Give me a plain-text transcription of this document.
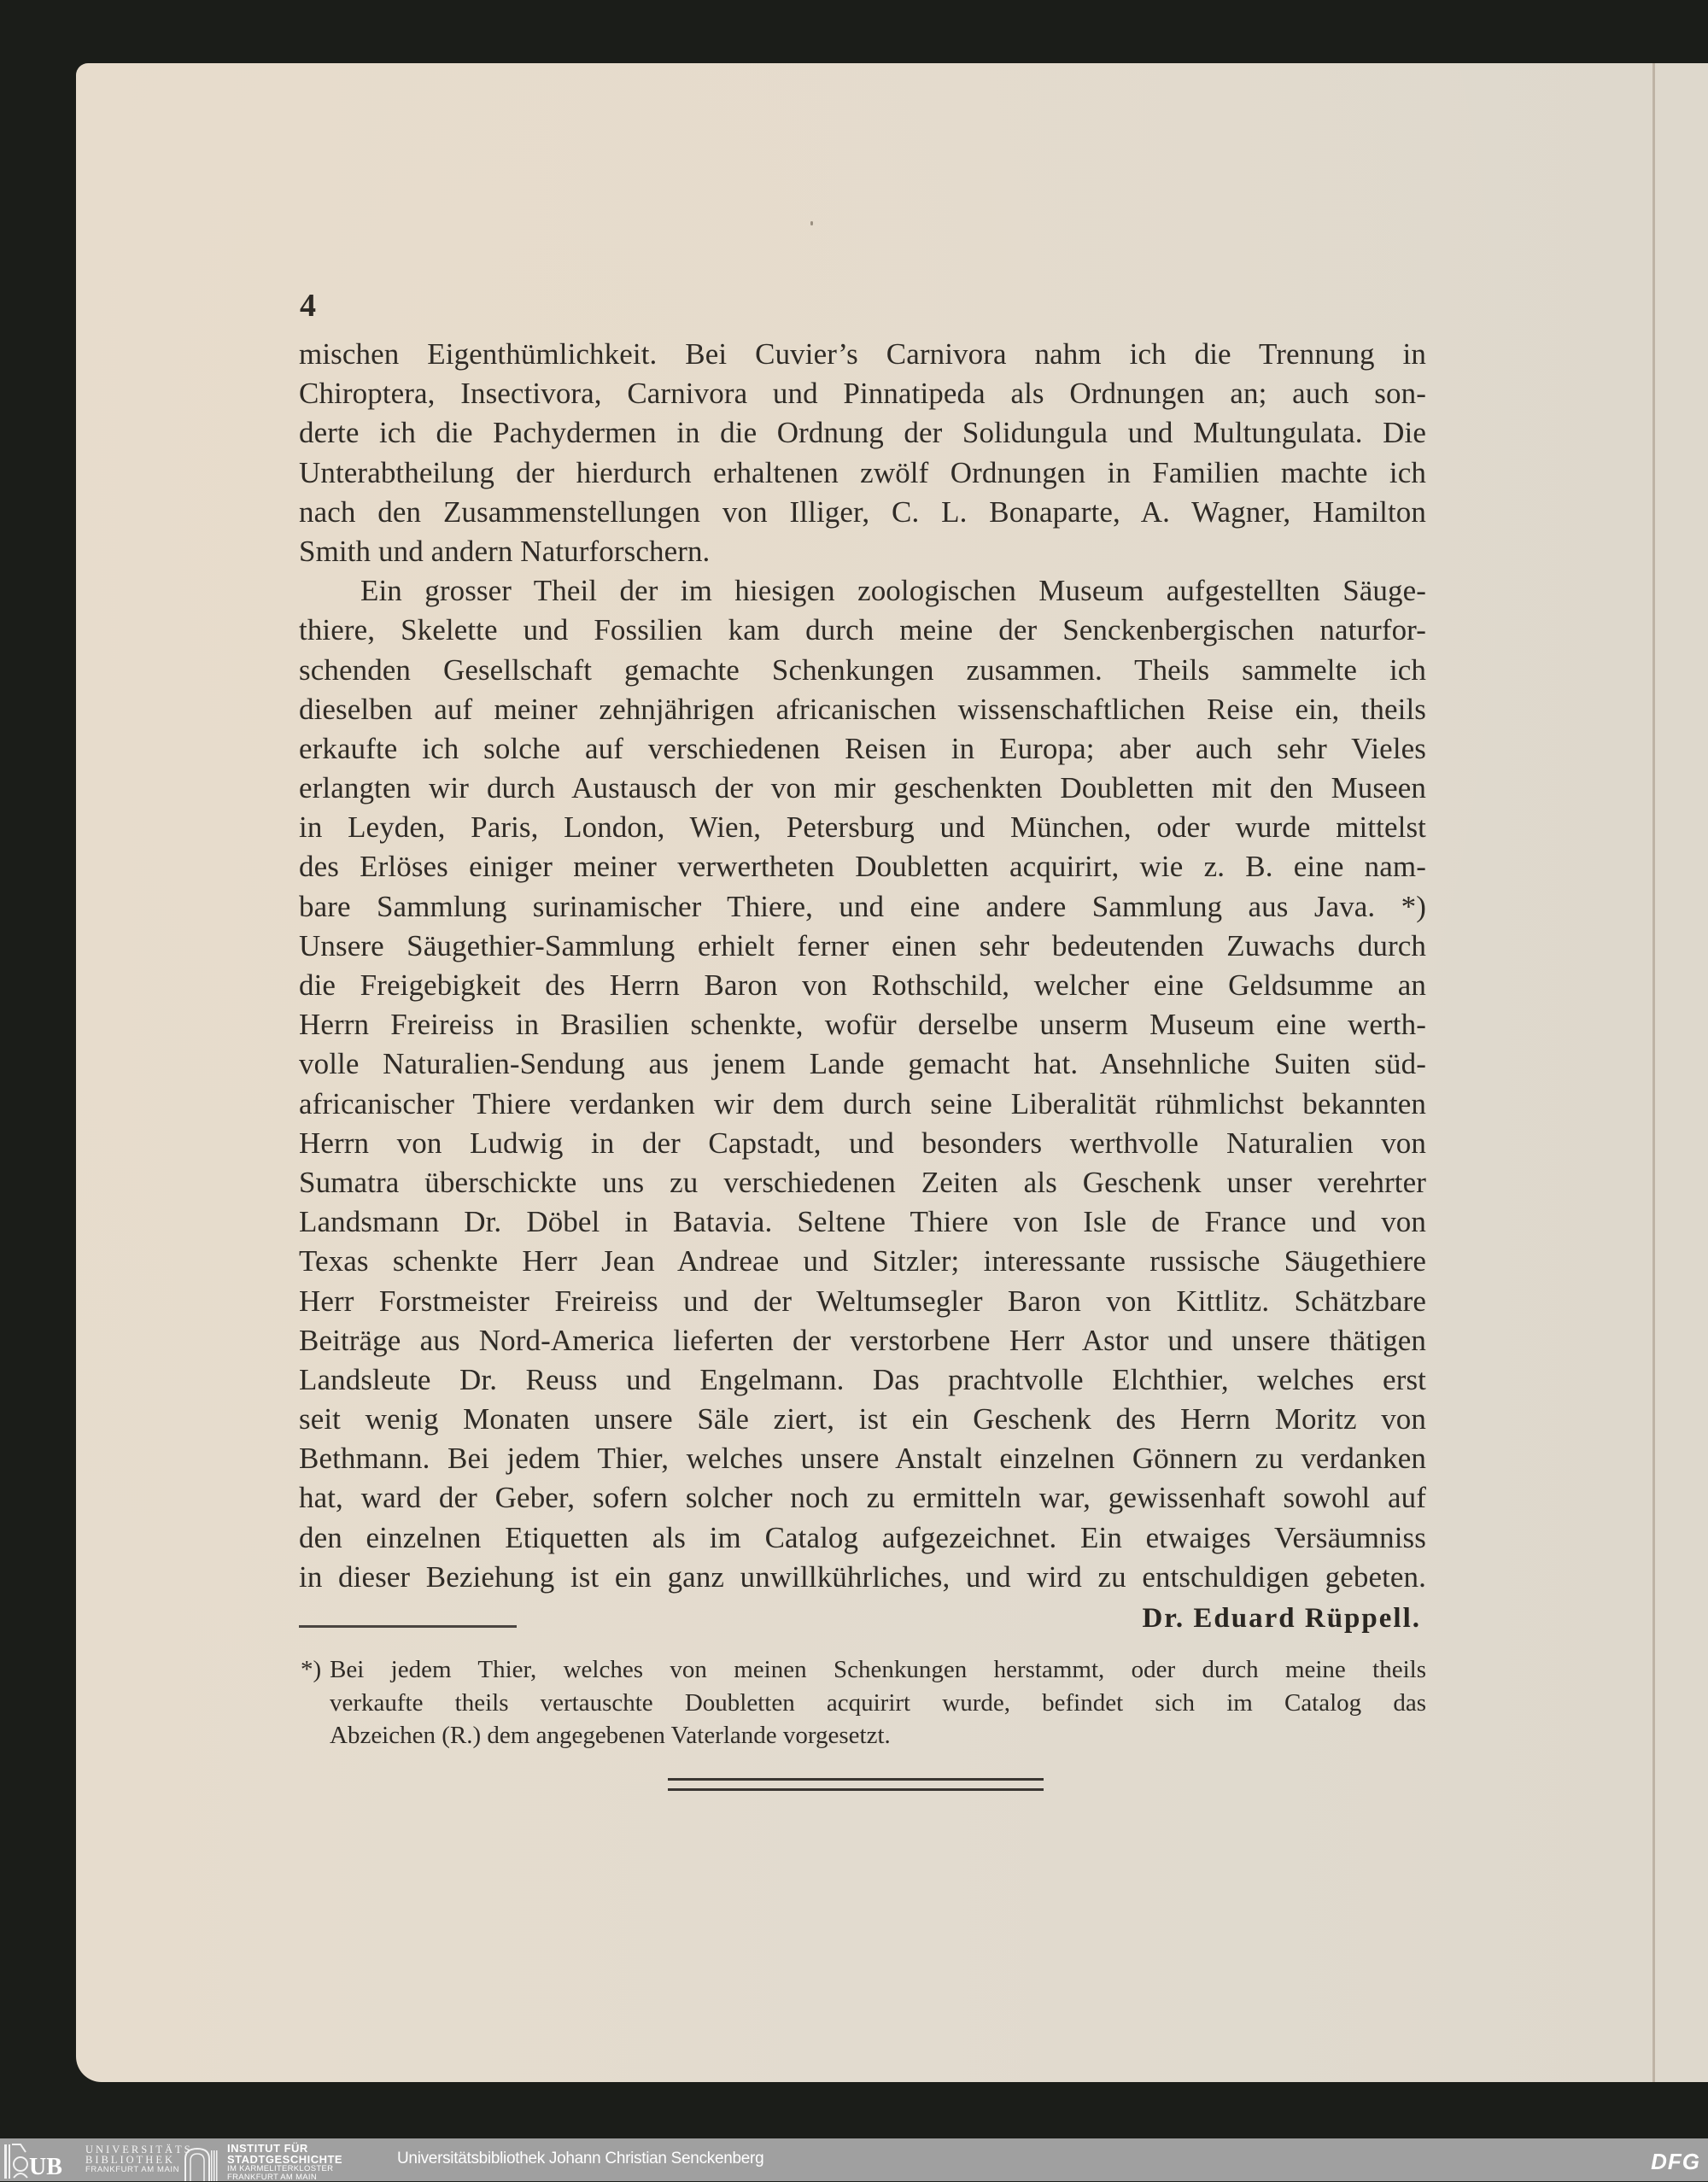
4
mischen Eigenthümlichkeit. Bei Cuvier’s Carnivora nahm ich die Trennung in
Chiroptera, Insectivora, Carnivora und Pinnatipeda als Ordnungen an; auch son-
derte ich die Pachydermen in die Ordnung der Solidungula und Multungulata. Die
Unterabtheilung der hierdurch erhaltenen zwölf Ordnungen in Familien machte ich
nach den Zusammenstellungen von Illiger, C. L. Bonaparte, A. Wagner, Hamilton
Smith und andern Naturforschern.
Ein grosser Theil der im hiesigen zoologischen Museum aufgestellten Säuge-
thiere, Skelette und Fossilien kam durch meine der Senckenbergischen naturfor-
schenden Gesellschaft gemachte Schenkungen zusammen. Theils sammelte ich
dieselben auf meiner zehnjährigen africanischen wissenschaftlichen Reise ein, theils
erkaufte ich solche auf verschiedenen Reisen in Europa; aber auch sehr Vieles
erlangten wir durch Austausch der von mir geschenkten Doubletten mit den Museen
in Leyden, Paris, London, Wien, Petersburg und München, oder wurde mittelst
des Erlöses einiger meiner verwertheten Doubletten acquirirt, wie z. B. eine nam-
bare Sammlung surinamischer Thiere, und eine andere Sammlung aus Java. *)
Unsere Säugethier-Sammlung erhielt ferner einen sehr bedeutenden Zuwachs durch
die Freigebigkeit des Herrn Baron von Rothschild, welcher eine Geldsumme an
Herrn Freireiss in Brasilien schenkte, wofür derselbe unserm Museum eine werth-
volle Naturalien-Sendung aus jenem Lande gemacht hat. Ansehnliche Suiten süd-
africanischer Thiere verdanken wir dem durch seine Liberalität rühmlichst bekannten
Herrn von Ludwig in der Capstadt, und besonders werthvolle Naturalien von
Sumatra überschickte uns zu verschiedenen Zeiten als Geschenk unser verehrter
Landsmann Dr. Döbel in Batavia. Seltene Thiere von Isle de France und von
Texas schenkte Herr Jean Andreae und Sitzler; interessante russische Säugethiere
Herr Forstmeister Freireiss und der Weltumsegler Baron von Kittlitz. Schätzbare
Beiträge aus Nord-America lieferten der verstorbene Herr Astor und unsere thätigen
Landsleute Dr. Reuss und Engelmann. Das prachtvolle Elchthier, welches erst
seit wenig Monaten unsere Säle ziert, ist ein Geschenk des Herrn Moritz von
Bethmann. Bei jedem Thier, welches unsere Anstalt einzelnen Gönnern zu verdanken
hat, ward der Geber, sofern solcher noch zu ermitteln war, gewissenhaft sowohl auf
den einzelnen Etiquetten als im Catalog aufgezeichnet. Ein etwaiges Versäumniss
in dieser Beziehung ist ein ganz unwillkührliches, und wird zu entschuldigen gebeten.
Dr. Eduard Rüppell.
*) Bei jedem Thier, welches von meinen Schenkungen herstammt, oder durch meine theils
verkaufte theils vertauschte Doubletten acquirirt wurde, befindet sich im Catalog das
Abzeichen (R.) dem angegebenen Vaterlande vorgesetzt.
UB
UNIVERSITÄTS
BIBLIOTHEK
FRANKFURT AM MAIN
INSTITUT FÜR
STADTGESCHICHTE
IM KARMELITERKLOSTER
FRANKFURT AM MAIN
Universitätsbibliothek Johann Christian Senckenberg	DFG
